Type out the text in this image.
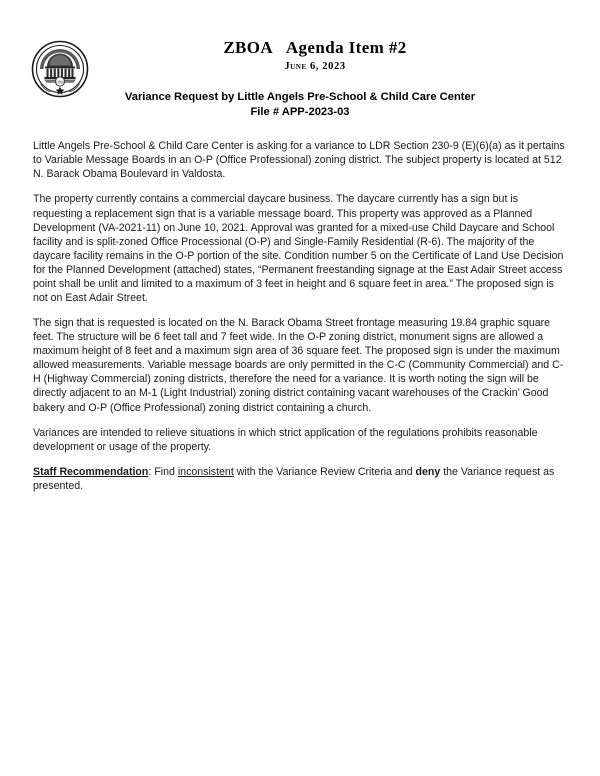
1860
ZBOA Agenda Item #2
June 6, 2023
Variance Request by Little Angels Pre-School & Child Care Center
File # APP-2023-03

Little Angels Pre-School & Child Care Center is asking for a variance to LDR Section 230-9 (E)(6)(a) as it pertains to Variable Message Boards in an O-P (Office Professional) zoning district. The subject property is located at 512 N. Barack Obama Boulevard in Valdosta.

The property currently contains a commercial daycare business. The daycare currently has a sign but is requesting a replacement sign that is a variable message board. This property was approved as a Planned Development (VA-2021-11) on June 10, 2021. Approval was granted for a mixed-use Child Daycare and School facility and is split-zoned Office Processional (O-P) and Single-Family Residential (R-6). The majority of the daycare facility remains in the O-P portion of the site. Condition number 5 on the Certificate of Land Use Decision for the Planned Development (attached) states, “Permanent freestanding signage at the East Adair Street access point shall be unlit and limited to a maximum of 3 feet in height and 6 square feet in area.” The proposed sign is not on East Adair Street.

The sign that is requested is located on the N. Barack Obama Street frontage measuring 19.84 graphic square feet. The structure will be 6 feet tall and 7 feet wide. In the O-P zoning district, monument signs are allowed a maximum height of 8 feet and a maximum sign area of 36 square feet. The proposed sign is under the maximum allowed measurements. Variable message boards are only permitted in the C-C (Community Commercial) and C-H (Highway Commercial) zoning districts, therefore the need for a variance. It is worth noting the sign will be directly adjacent to an M-1 (Light Industrial) zoning district containing vacant warehouses of the Crackin’ Good bakery and O-P (Office Professional) zoning district containing a church.

Variances are intended to relieve situations in which strict application of the regulations prohibits reasonable development or usage of the property.

Staff Recommendation: Find inconsistent with the Variance Review Criteria and deny the Variance request as presented.
